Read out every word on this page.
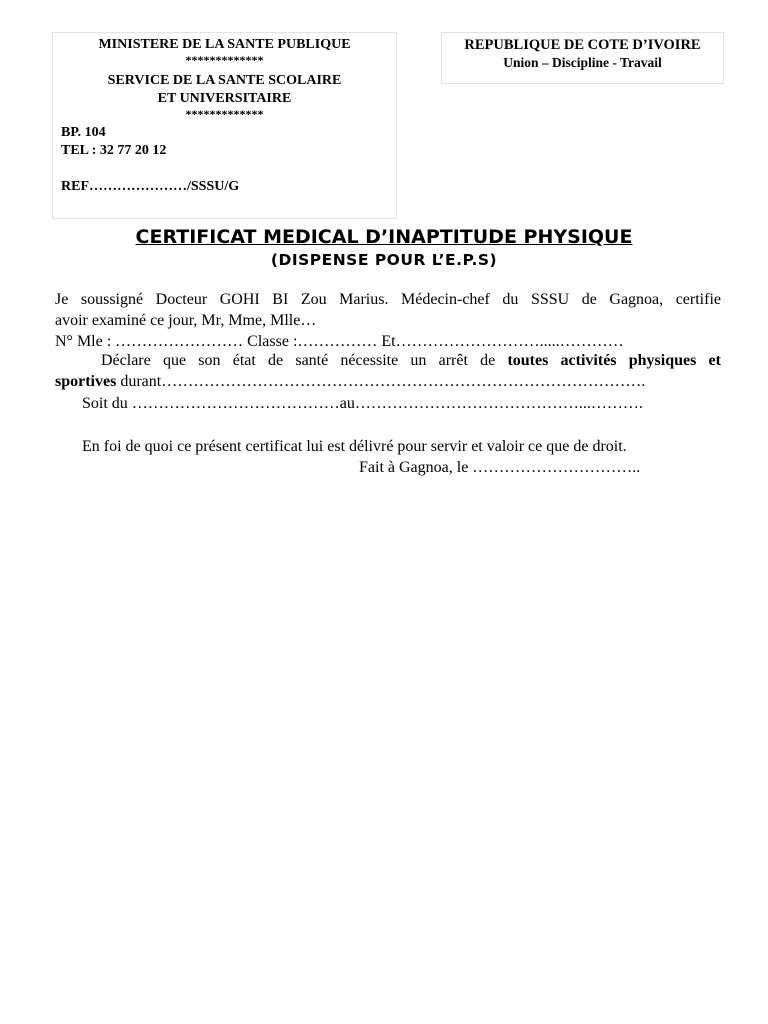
MINISTERE DE LA SANTE PUBLIQUE
*************
SERVICE DE LA SANTE SCOLAIRE
ET UNIVERSITAIRE
*************
BP. 104
TEL : 32 77 20 12
REF…………………/SSSU/G
REPUBLIQUE DE COTE D’IVOIRE
Union – Discipline - Travail
CERTIFICAT MEDICAL D’INAPTITUDE PHYSIQUE
(DISPENSE POUR L’E.P.S)
Je soussigné Docteur GOHI BI Zou Marius. Médecin-chef du SSSU de Gagnoa, certifie
avoir examiné ce jour, Mr, Mme, Mlle…
N° Mle : …………………… Classe :…………… Et……………………….....…………
Déclare que son état de santé nécessite un arrêt de toutes activités physiques et
sportives durant……………………………………………………………………………….
Soit du …………………………………au……………………………………...……….
En foi de quoi ce présent certificat lui est délivré pour servir et valoir ce que de droit.
Fait à Gagnoa, le …………………………..
